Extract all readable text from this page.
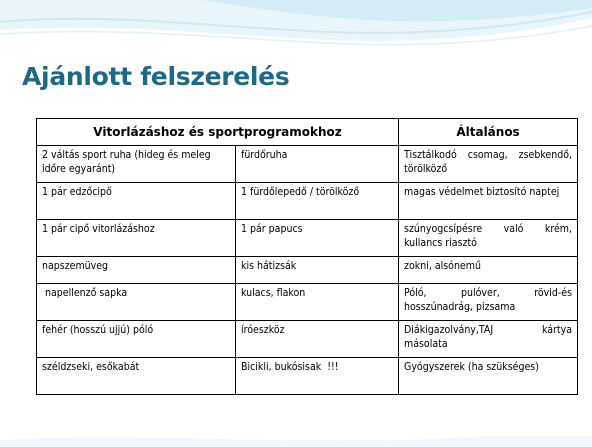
Ajánlott felszerelés
Vitorlázáshoz és sportprogramokhoz		Általános
2 váltás sport ruha (hideg és meleg időre egyaránt)	fürdőruha	Tisztálkodó csomag, zsebkendő, törölköző
1 pár edzőcipő	1 fürdőlepedő / törölköző	magas védelmet biztosító naptej
1 pár cipő vitorlázáshoz	1 pár papucs	szúnyogcsípésre való krém, kullancs riasztó
napszemüveg	kis hátizsák	zokni, alsónemű
napellenző sapka	kulacs, flakon	Póló, pulóver, rövid-és hosszúnadrág, pizsama
fehér (hosszú ujjú) póló	íróeszköz	Diákigazolvány,TAJ kártya másolata
széldzseki, esőkabát	Bicikli, bukósisak  !!!	Gyógyszerek (ha szükséges)
